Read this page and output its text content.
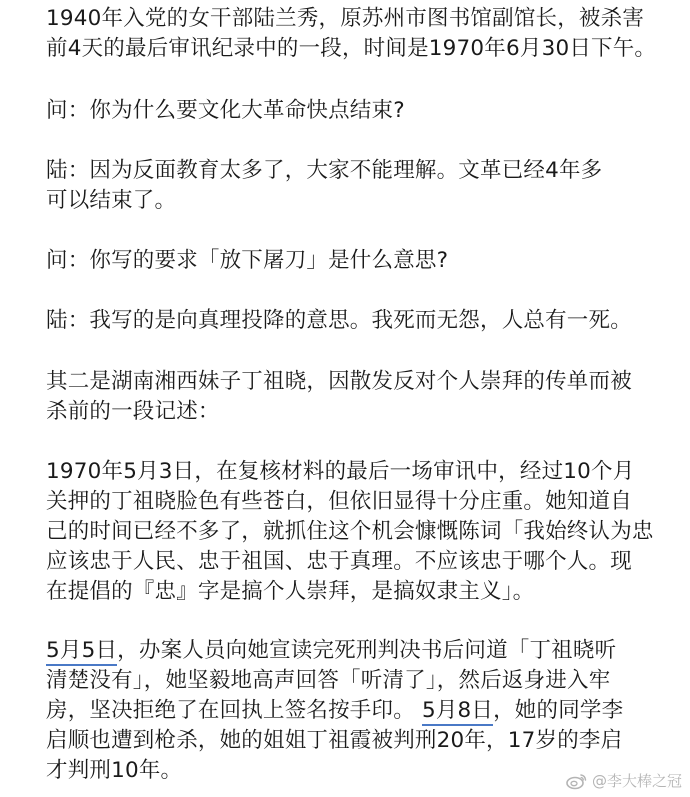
1940年入党的女干部陆兰秀，原苏州市图书馆副馆长，被杀害
前4天的最后审讯纪录中的一段，时间是1970年6月30日下午。
问：你为什么要文化大革命快点结束?
陆：因为反面教育太多了，大家不能理解。文革已经4年多
可以结束了。
问：你写的要求「放下屠刀」是什么意思?
陆：我写的是向真理投降的意思。我死而无怨，人总有一死。
其二是湖南湘西妹子丁祖晓，因散发反对个人崇拜的传单而被
杀前的一段记述：
1970年5月3日，在复核材料的最后一场审讯中，经过10个月
关押的丁祖晓脸色有些苍白，但依旧显得十分庄重。她知道自
己的时间已经不多了，就抓住这个机会慷慨陈词「我始终认为忠
应该忠于人民、忠于祖国、忠于真理。不应该忠于哪个人。现
在提倡的『忠』字是搞个人崇拜，是搞奴隶主义」。
5月5日，办案人员向她宣读完死刑判决书后问道「丁祖晓听
清楚没有」，她坚毅地高声回答「听清了」，然后返身进入牢
房，坚决拒绝了在回执上签名按手印。 5月8日，她的同学李
启顺也遭到枪杀，她的姐姐丁祖霞被判刑20年，17岁的李启
才判刑10年。	@李大棒之冠
